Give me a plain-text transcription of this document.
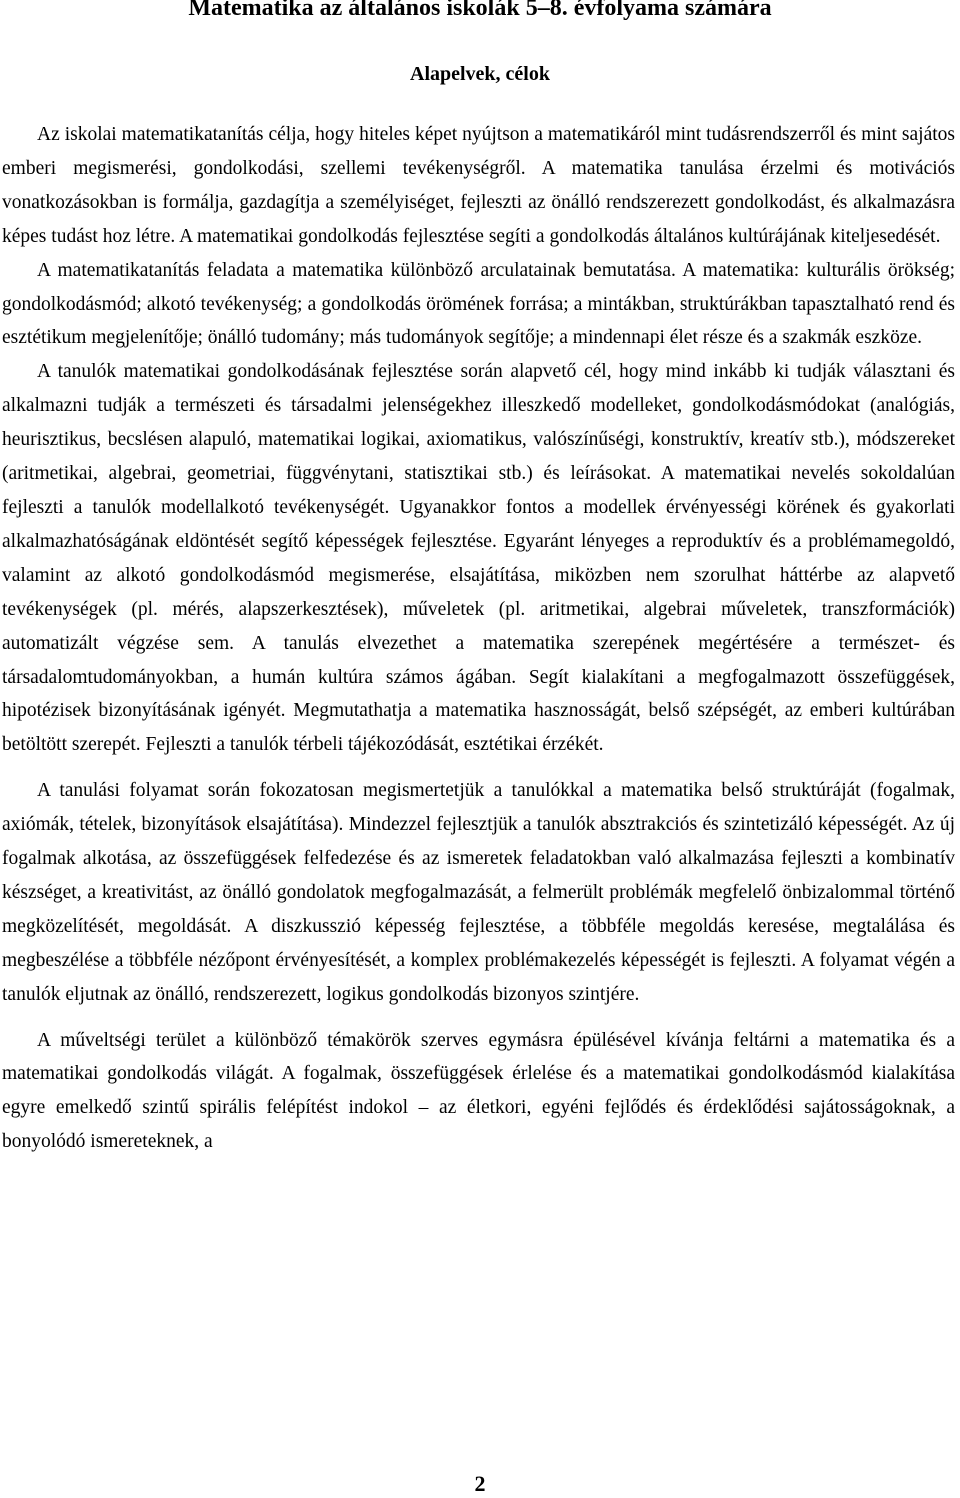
Matematika az általános iskolák 5–8. évfolyama számára
Alapelvek, célok

Az iskolai matematikatanítás célja, hogy hiteles képet nyújtson a matematikáról mint tudásrendszerről és mint sajátos emberi megismerési, gondolkodási, szellemi tevékenységről. A matematika tanulása érzelmi és motivációs vonatkozásokban is formálja, gazdagítja a személyiséget, fejleszti az önálló rendszerezett gondolkodást, és alkalmazásra képes tudást hoz létre. A matematikai gondolkodás fejlesztése segíti a gondolkodás általános kultúrájának kiteljesedését.

A matematikatanítás feladata a matematika különböző arculatainak bemutatása. A matematika: kulturális örökség; gondolkodásmód; alkotó tevékenység; a gondolkodás örömének forrása; a mintákban, struktúrákban tapasztalható rend és esztétikum megjelenítője; önálló tudomány; más tudományok segítője; a mindennapi élet része és a szakmák eszköze.

A tanulók matematikai gondolkodásának fejlesztése során alapvető cél, hogy mind inkább ki tudják választani és alkalmazni tudják a természeti és társadalmi jelenségekhez illeszkedő modelleket, gondolkodásmódokat (analógiás, heurisztikus, becslésen alapuló, matematikai logikai, axiomatikus, valószínűségi, konstruktív, kreatív stb.), módszereket (aritmetikai, algebrai, geometriai, függvénytani, statisztikai stb.) és leírásokat. A matematikai nevelés sokoldalúan fejleszti a tanulók modellalkotó tevékenységét. Ugyanakkor fontos a modellek érvényességi körének és gyakorlati alkalmazhatóságának eldöntését segítő képességek fejlesztése. Egyaránt lényeges a reproduktív és a problémamegoldó, valamint az alkotó gondolkodásmód megismerése, elsajátítása, miközben nem szorulhat háttérbe az alapvető tevékenységek (pl. mérés, alapszerkesztések), műveletek (pl. aritmetikai, algebrai műveletek, transzformációk) automatizált végzése sem. A tanulás elvezethet a matematika szerepének megértésére a természet- és társadalomtudományokban, a humán kultúra számos ágában. Segít kialakítani a megfogalmazott összefüggések, hipotézisek bizonyításának igényét. Megmutathatja a matematika hasznosságát, belső szépségét, az emberi kultúrában betöltött szerepét. Fejleszti a tanulók térbeli tájékozódását, esztétikai érzékét.

A tanulási folyamat során fokozatosan megismertetjük a tanulókkal a matematika belső struktúráját (fogalmak, axiómák, tételek, bizonyítások elsajátítása). Mindezzel fejlesztjük a tanulók absztrakciós és szintetizáló képességét. Az új fogalmak alkotása, az összefüggések felfedezése és az ismeretek feladatokban való alkalmazása fejleszti a kombinatív készséget, a kreativitást, az önálló gondolatok megfogalmazását, a felmerült problémák megfelelő önbizalommal történő megközelítését, megoldását. A diszkusszió képesség fejlesztése, a többféle megoldás keresése, megtalálása és megbeszélése a többféle nézőpont érvényesítését, a komplex problémakezelés képességét is fejleszti. A folyamat végén a tanulók eljutnak az önálló, rendszerezett, logikus gondolkodás bizonyos szintjére.

A műveltségi terület a különböző témakörök szerves egymásra épülésével kívánja feltárni a matematika és a matematikai gondolkodás világát. A fogalmak, összefüggések érlelése és a matematikai gondolkodásmód kialakítása egyre emelkedő szintű spirális felépítést indokol – az életkori, egyéni fejlődés és érdeklődési sajátosságoknak, a bonyolódó ismereteknek, a

2
